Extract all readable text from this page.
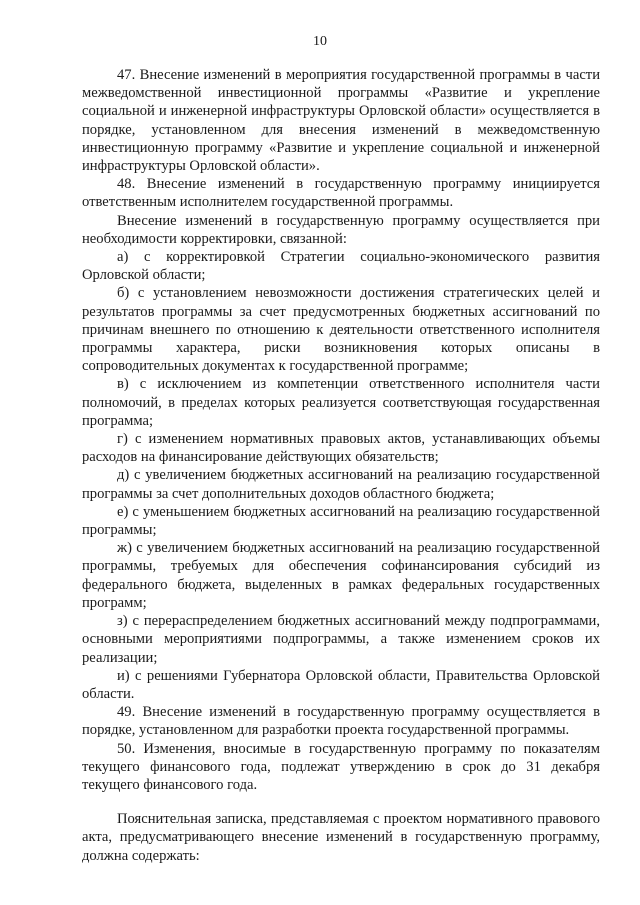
10

47. Внесение изменений в мероприятия государственной программы в части межведомственной инвестиционной программы «Развитие и укрепление социальной и инженерной инфраструктуры Орловской области» осуществляется в порядке, установленном для внесения изменений в межведомственную инвестиционную программу «Развитие и укрепление социальной и инженерной инфраструктуры Орловской области».

48. Внесение изменений в государственную программу инициируется ответственным исполнителем государственной программы.

Внесение изменений в государственную программу осуществляется при необходимости корректировки, связанной:

а) с корректировкой Стратегии социально-экономического развития Орловской области;

б) с установлением невозможности достижения стратегических целей и результатов программы за счет предусмотренных бюджетных ассигнований по причинам внешнего по отношению к деятельности ответственного исполнителя программы характера, риски возникновения которых описаны в сопроводительных документах к государственной программе;

в) с исключением из компетенции ответственного исполнителя части полномочий, в пределах которых реализуется соответствующая государственная программа;

г) с изменением нормативных правовых актов, устанавливающих объемы расходов на финансирование действующих обязательств;

д) с увеличением бюджетных ассигнований на реализацию государственной программы за счет дополнительных доходов областного бюджета;

е) с уменьшением бюджетных ассигнований на реализацию государственной программы;

ж) с увеличением бюджетных ассигнований на реализацию государственной программы, требуемых для обеспечения софинансирования субсидий из федерального бюджета, выделенных в рамках федеральных государственных программ;

з) с перераспределением бюджетных ассигнований между подпрограммами, основными мероприятиями подпрограммы, а также изменением сроков их реализации;

и) с решениями Губернатора Орловской области, Правительства Орловской области.

49. Внесение изменений в государственную программу осуществляется в порядке, установленном для разработки проекта государственной программы.

50. Изменения, вносимые в государственную программу по показателям текущего финансового года, подлежат утверждению в срок до 31 декабря текущего финансового года.

Пояснительная записка, представляемая с проектом нормативного правового акта, предусматривающего внесение изменений в государственную программу, должна содержать:
